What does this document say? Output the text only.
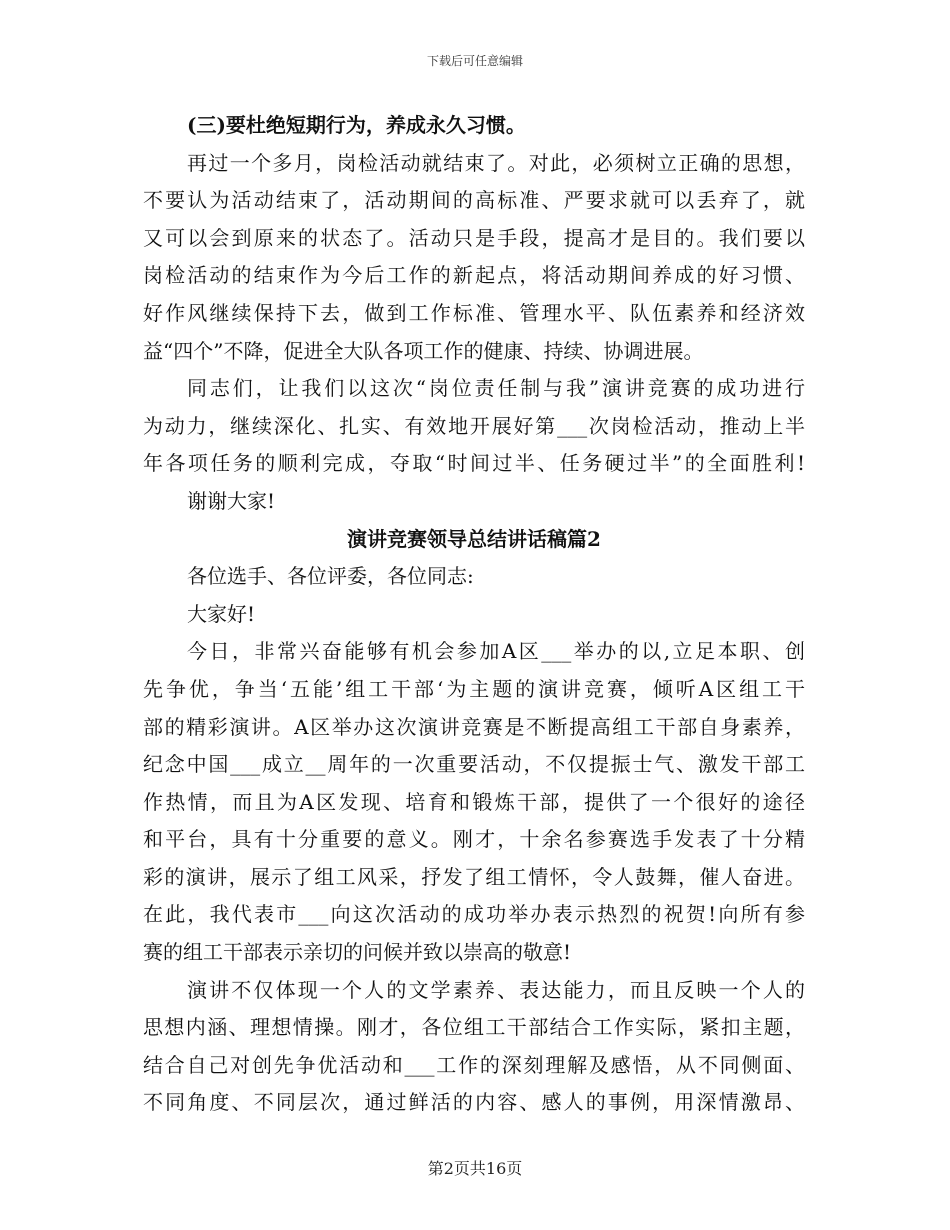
下载后可任意编辑
(三)要杜绝短期行为，养成永久习惯。
再过一个多月，岗检活动就结束了。对此，必须树立正确的思想，
不要认为活动结束了，活动期间的高标准、严要求就可以丢弃了，就
又可以会到原来的状态了。活动只是手段，提高才是目的。我们要以
岗检活动的结束作为今后工作的新起点，将活动期间养成的好习惯、
好作风继续保持下去，做到工作标准、管理水平、队伍素养和经济效
益“四个”不降，促进全大队各项工作的健康、持续、协调进展。
同志们，让我们以这次“岗位责任制与我”演讲竞赛的成功进行
为动力，继续深化、扎实、有效地开展好第___次岗检活动，推动上半
年各项任务的顺利完成，夺取“时间过半、任务硬过半”的全面胜利!
谢谢大家!
演讲竞赛领导总结讲话稿篇2
各位选手、各位评委，各位同志:
大家好!
今日，非常兴奋能够有机会参加A区___举办的以,立足本职、创
先争优，争当‘五能’组工干部‘为主题的演讲竞赛，倾听A区组工干
部的精彩演讲。A区举办这次演讲竞赛是不断提高组工干部自身素养，
纪念中国___成立__周年的一次重要活动，不仅提振士气、激发干部工
作热情，而且为A区发现、培育和锻炼干部，提供了一个很好的途径
和平台，具有十分重要的意义。刚才，十余名参赛选手发表了十分精
彩的演讲，展示了组工风采，抒发了组工情怀，令人鼓舞，催人奋进。
在此，我代表市___向这次活动的成功举办表示热烈的祝贺!向所有参
赛的组工干部表示亲切的问候并致以崇高的敬意!
演讲不仅体现一个人的文学素养、表达能力，而且反映一个人的
思想内涵、理想情操。刚才，各位组工干部结合工作实际，紧扣主题，
结合自己对创先争优活动和___工作的深刻理解及感悟，从不同侧面、
不同角度、不同层次，通过鲜活的内容、感人的事例，用深情激昂、
第2页共16页
